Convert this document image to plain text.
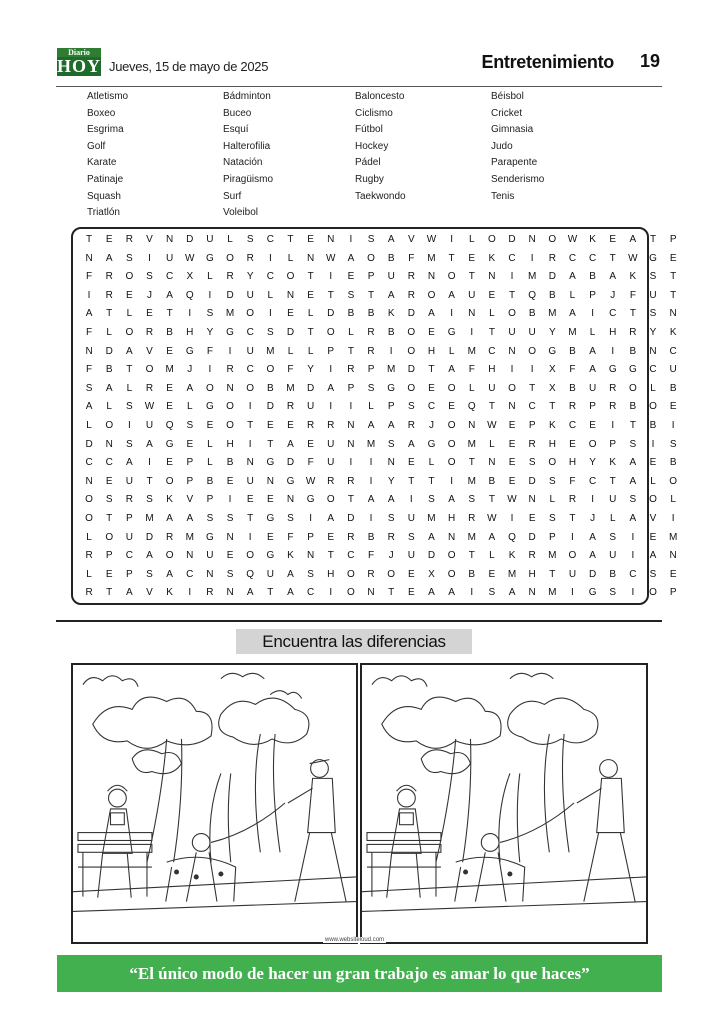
Diario
HOY Jueves, 15 de mayo de 2025	Entretenimiento 19
Atletismo
Boxeo
Esgrima
Golf
Karate
Patinaje
Squash
Triatlón
Bádminton
Buceo
Esquí
Halterofilia
Natación
Piragüismo
Surf
Voleibol
Baloncesto
Ciclismo
Fútbol
Hockey
Pádel
Rugby
Taekwondo
Béisbol
Cricket
Gimnasia
Judo
Parapente
Senderismo
Tenis
T	E	R	V	N	D	U	L	S	C	T	E	N	I	S	A	V	W	I	L	O	D	N	O	W	K	E	A	T	P
N	A	S	I	U	W	G	O	R	I	L	N	W	A	O	B	F	M	T	E	K	C	I	R	C	C	T	W	G	E
F	R	O	S	C	X	L	R	Y	C	O	T	I	E	P	U	R	N	O	T	N	I	M	D	A	B	A	K	S	T
I	R	E	J	A	Q	I	D	U	L	N	E	T	S	T	A	R	O	A	U	E	T	Q	B	L	P	J	F	U	T
A	T	L	E	T	I	S	M	O	I	E	L	D	B	B	K	D	A	I	N	L	O	B	M	A	I	C	T	S	N
F	L	O	R	B	H	Y	G	C	S	D	T	O	L	R	B	O	E	G	I	T	U	U	Y	M	L	H	R	Y	K
N	D	A	V	E	G	F	I	U	M	L	L	P	T	R	I	O	H	L	M	C	N	O	G	B	A	I	B	N	C
F	B	T	O	M	J	I	R	C	O	F	Y	I	R	P	M	D	T	A	F	H	I	I	X	F	A	G	G	C	U
S	A	L	R	E	A	O	N	O	B	M	D	A	P	S	G	O	E	O	L	U	O	T	X	B	U	R	O	L	B
A	L	S	W	E	L	G	O	I	D	R	U	I	I	L	P	S	C	E	Q	T	N	C	T	R	P	R	B	O	E
L	O	I	U	Q	S	E	O	T	E	E	R	R	N	A	A	R	J	O	N	W	E	P	K	C	E	I	T	B	I
D	N	S	A	G	E	L	H	I	T	A	E	U	N	M	S	A	G	O	M	L	E	R	H	E	O	P	S	I	S
C	C	A	I	E	P	L	B	N	G	D	F	U	I	I	N	E	L	O	T	N	E	S	O	H	Y	K	A	E	B
N	E	U	T	O	P	B	E	U	N	G	W	R	R	I	Y	T	T	I	M	B	E	D	S	F	C	T	A	L	O
O	S	R	S	K	V	P	I	E	E	N	G	O	T	A	A	I	S	A	S	T	W	N	L	R	I	U	S	O	L
O	T	P	M	A	A	S	S	T	G	S	I	A	D	I	S	U	M	H	R	W	I	E	S	T	J	L	A	V	I
L	O	U	D	R	M	G	N	I	E	F	P	E	R	B	R	S	A	N	M	A	Q	D	P	I	A	S	I	E	M
R	P	C	A	O	N	U	E	O	G	K	N	T	C	F	J	U	D	O	T	L	K	R	M	O	A	U	I	A	N
L	E	P	S	A	C	N	S	Q	U	A	S	H	O	R	O	E	X	O	B	E	M	H	T	U	D	B	C	S	E
R	T	A	V	K	I	R	N	A	T	A	C	I	O	N	T	E	A	A	I	S	A	N	M	I	G	S	I	O	P
Encuentra las diferencias
www.websiteloud.com
“El único modo de hacer un gran trabajo es amar lo que haces”
